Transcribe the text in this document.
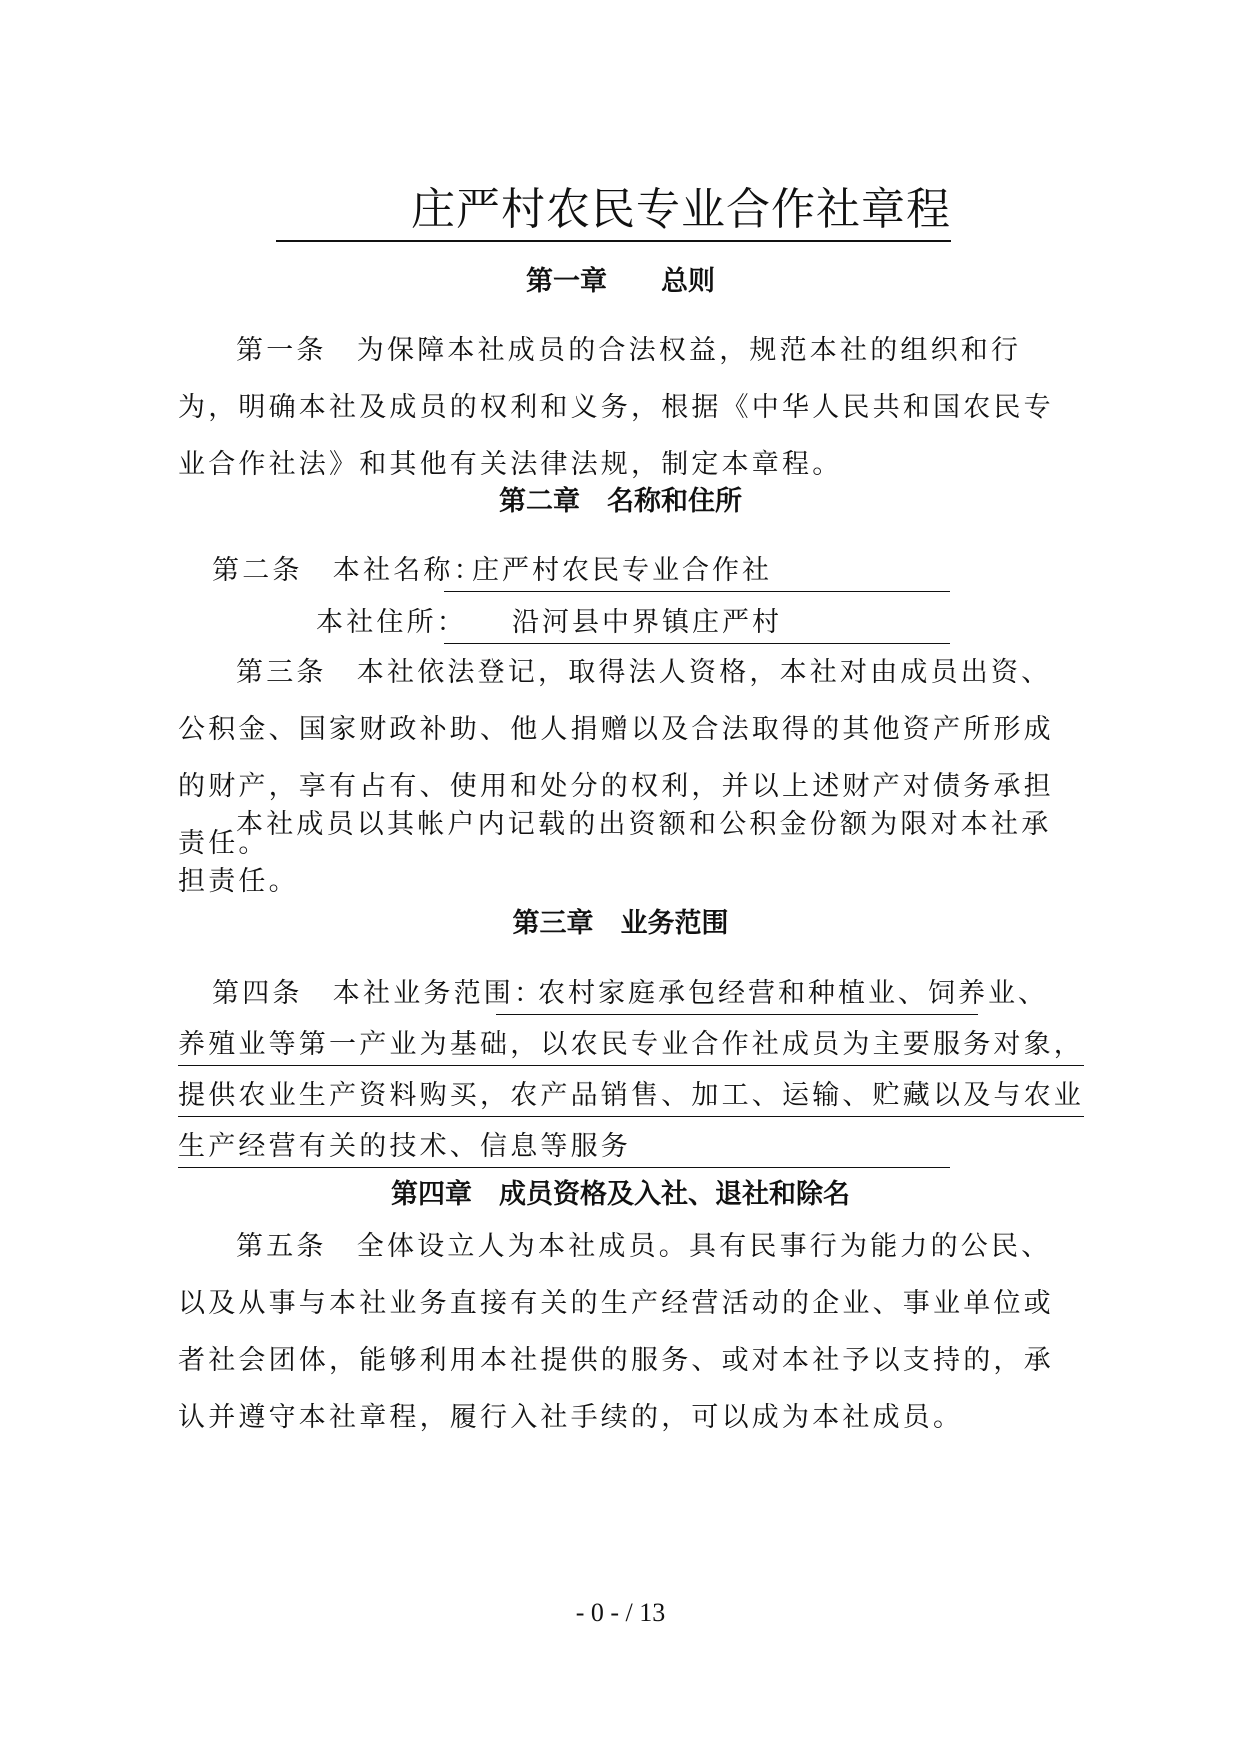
庄严村农民专业合作社章程
第一章　　总则
第一条　为保障本社成员的合法权益，规范本社的组织和行为，明确本社及成员的权利和义务，根据《中华人民共和国农民专业合作社法》和其他有关法律法规，制定本章程。
第二章　名称和住所
第二条　本社名称：
庄严村农民专业合作社
本社住所：	沿河县中界镇庄严村
第三条　本社依法登记，取得法人资格，本社对由成员出资、公积金、国家财政补助、他人捐赠以及合法取得的其他资产所形成的财产，享有占有、使用和处分的权利，并以上述财产对债务承担责任。
本社成员以其帐户内记载的出资额和公积金份额为限对本社承担责任。
第三章　业务范围
第四条　本社业务范围：
农村家庭承包经营和种植业、饲养业、
养殖业等第一产业为基础，以农民专业合作社成员为主要服务对象，
提供农业生产资料购买，农产品销售、加工、运输、贮藏以及与农业
生产经营有关的技术、信息等服务
第四章　成员资格及入社、退社和除名
第五条　全体设立人为本社成员。具有民事行为能力的公民、以及从事与本社业务直接有关的生产经营活动的企业、事业单位或者社会团体，能够利用本社提供的服务、或对本社予以支持的，承认并遵守本社章程，履行入社手续的，可以成为本社成员。
- 0 - / 13
